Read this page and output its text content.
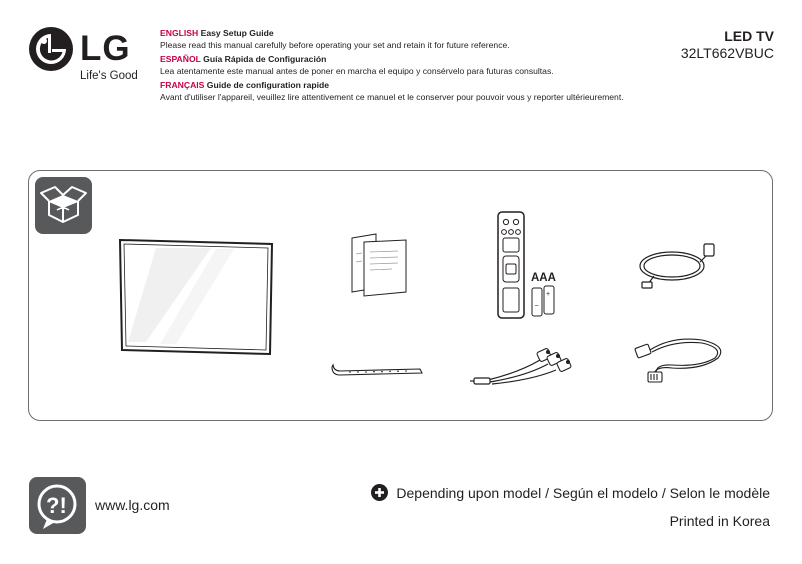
LG
Life's Good
ENGLISH Easy Setup Guide
Please read this manual carefully before operating your set and retain it for future reference.
ESPAÑOL Guía Rápida de Configuración
Lea atentamente este manual antes de poner en marcha el equipo y consérvelo para futuras consultas.
FRANÇAIS Guide de configuration rapide
Avant d'utiliser l'appareil, veuillez lire attentivement ce manuel et le conserver pour pouvoir vous y reporter ultérieurement.
LED TV
32LT662VBUC
−
+
AAA
?! www.lg.com
Depending upon model / Según el modelo / Selon le modèle
Printed in Korea
